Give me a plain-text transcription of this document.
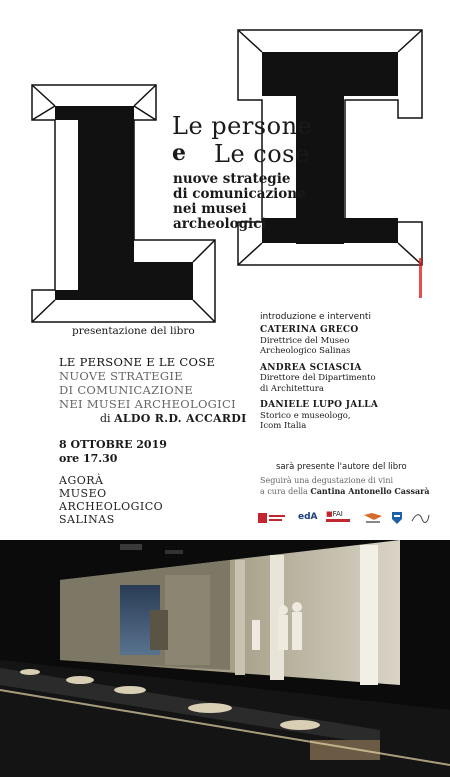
Le persone
e Le cose
nuove strategie
di comunicazione
nei musei archeologici
presentazione del libro
LE PERSONE E LE COSE
NUOVE STRATEGIE
DI COMUNICAZIONE
NEI MUSEI ARCHEOLOGICI
di ALDO R.D. ACCARDI
8 OTTOBRE 2019
ore 17.30
AGORÀ
MUSEO
ARCHEOLOGICO
SALINAS
introduzione e interventi
CATERINA GRECO
Direttrice del Museo
Archeologico Salinas
ANDREA SCIASCIA
Direttore del Dipartimento
di Architettura
DANIELE LUPO JALLA
Storico e museologo,
Icom Italia
sarà presente l'autore del libro
Seguirà una degustazione di vini
a cura della Cantina Antonello Cassarà
edA	■FAI
